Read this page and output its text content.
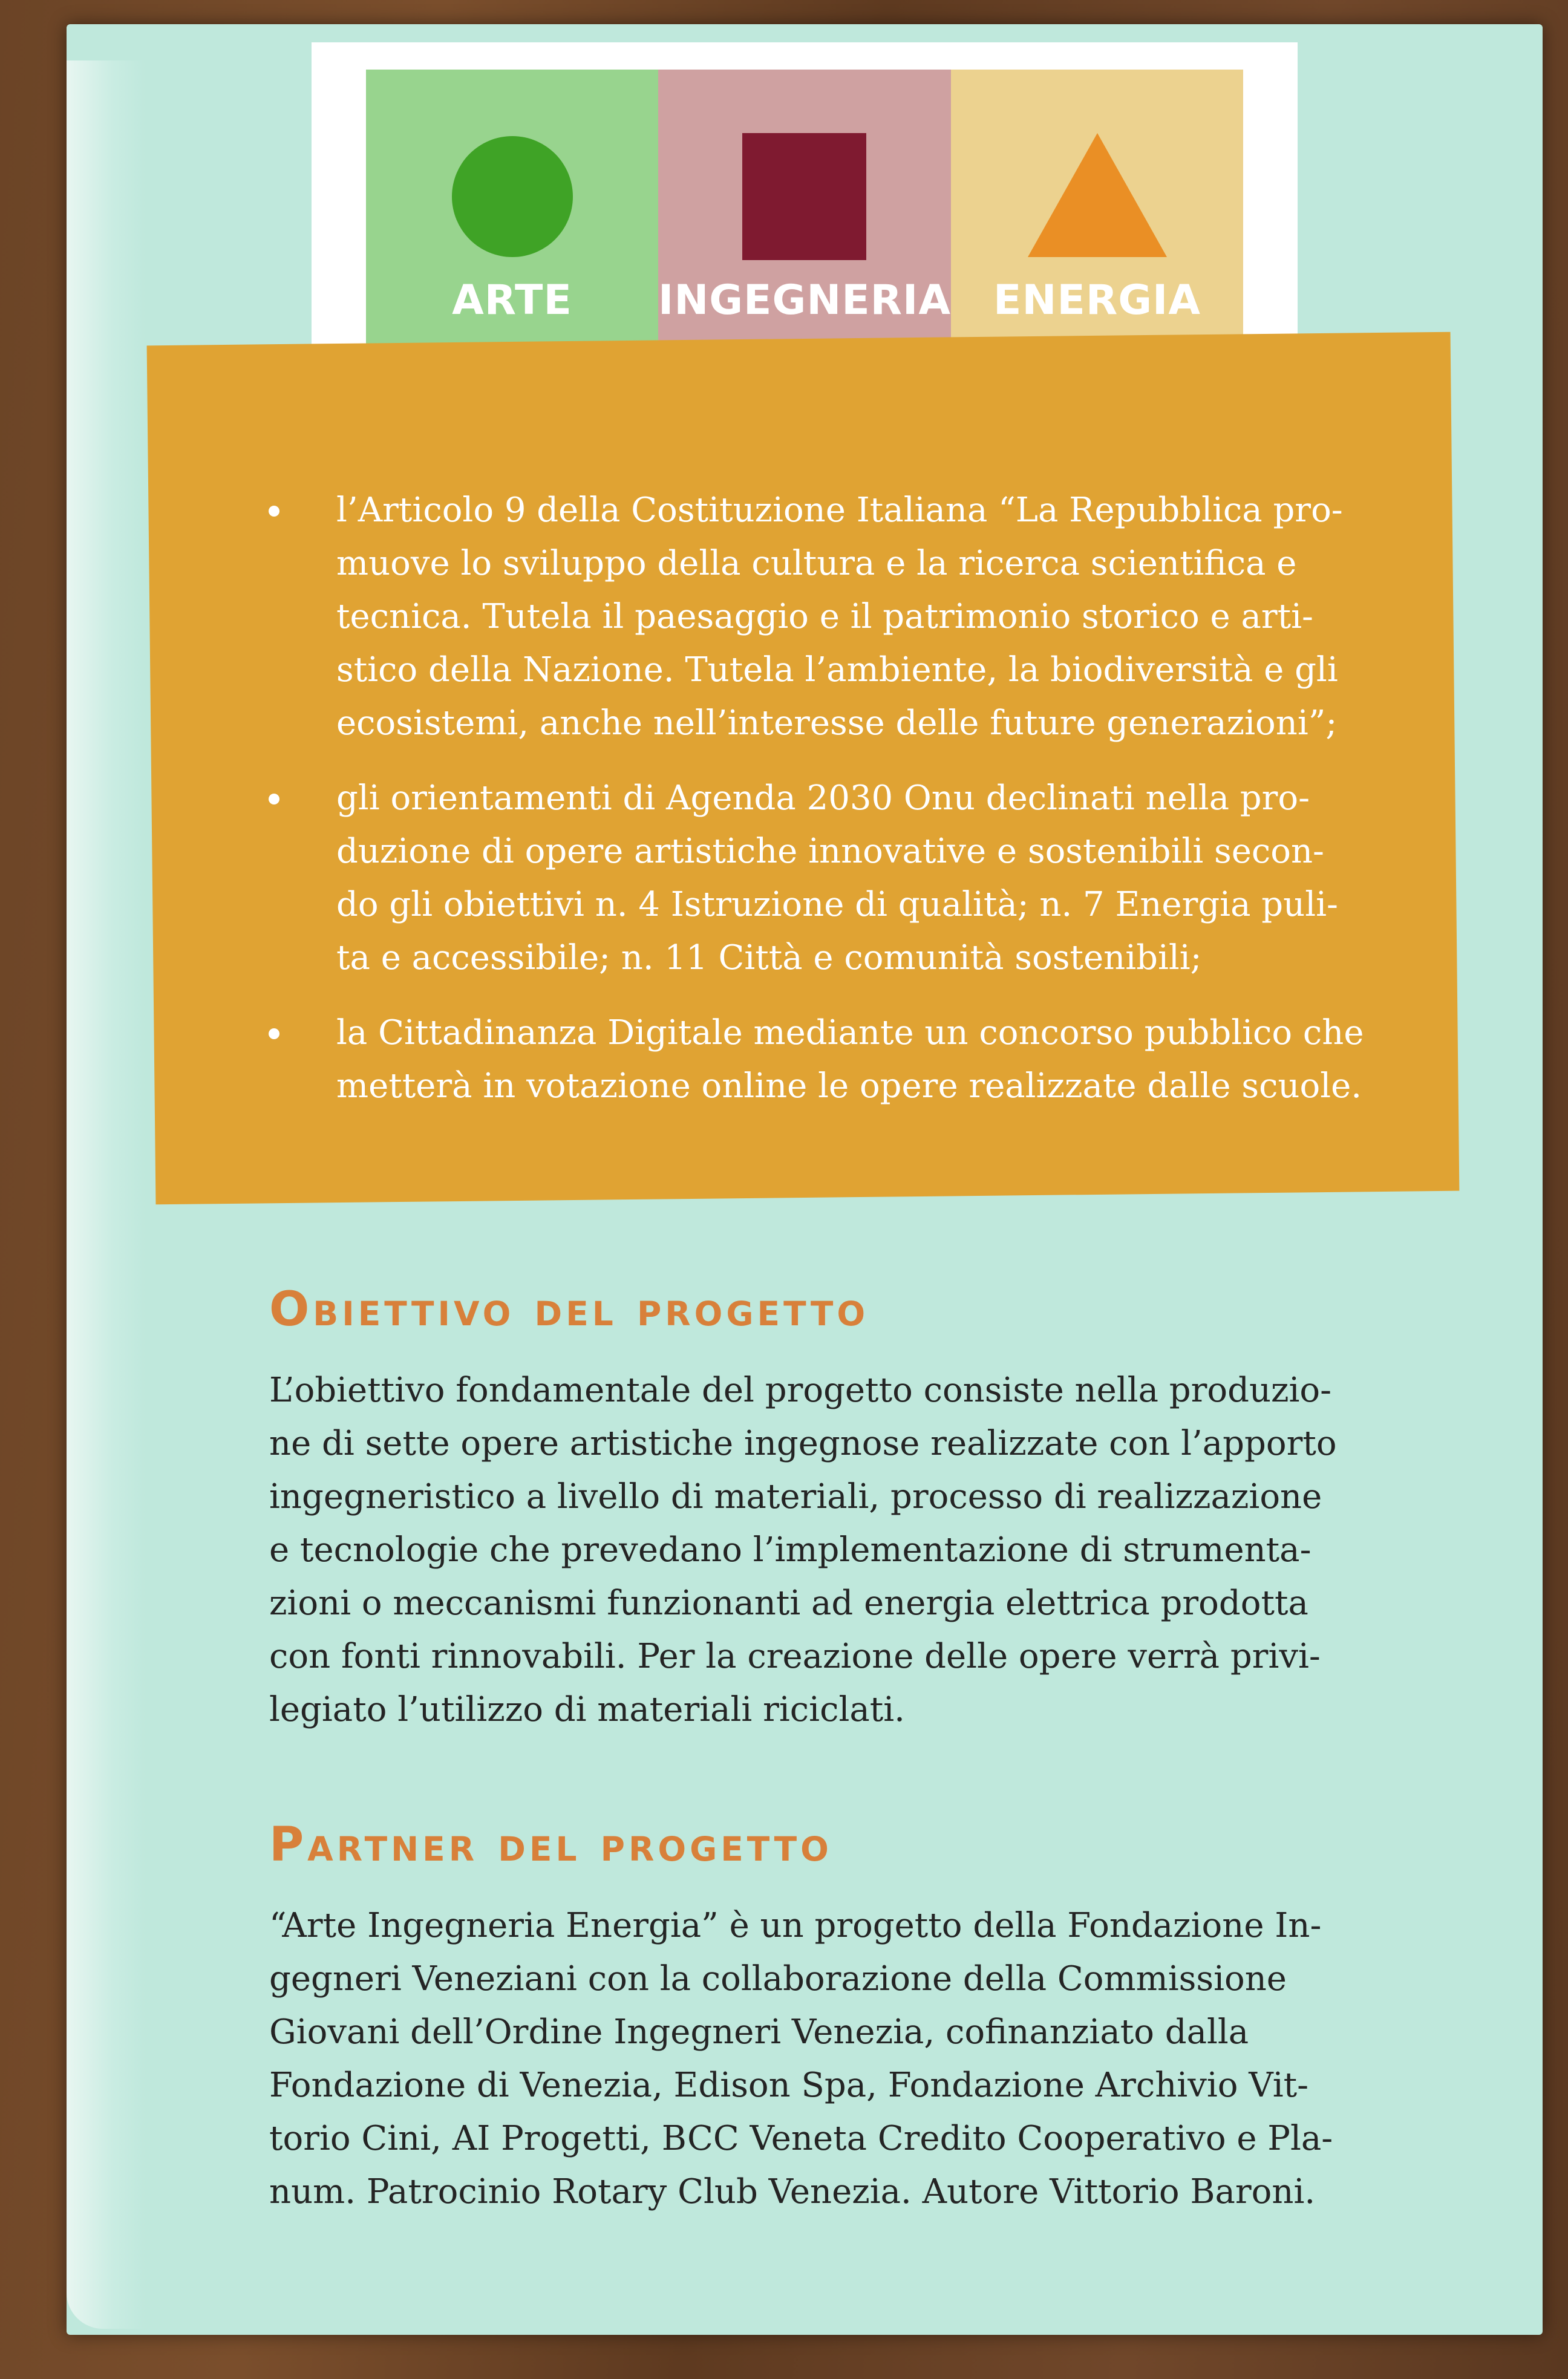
ARTE INGEGNERIA ENERGIA
l’Articolo 9 della Costituzione Italiana “La Repubblica pro-
muove lo sviluppo della cultura e la ricerca scientifica e
tecnica. Tutela il paesaggio e il patrimonio storico e arti-
stico della Nazione. Tutela l’ambiente, la biodiversità e gli
ecosistemi, anche nell’interesse delle future generazioni”;
gli orientamenti di Agenda 2030 Onu declinati nella pro-
duzione di opere artistiche innovative e sostenibili secon-
do gli obiettivi n. 4 Istruzione di qualità; n. 7 Energia puli-
ta e accessibile; n. 11 Città e comunità sostenibili;
la Cittadinanza Digitale mediante un concorso pubblico che
metterà in votazione online le opere realizzate dalle scuole.
Obiettivo del progetto

L’obiettivo fondamentale del progetto consiste nella produzio-
ne di sette opere artistiche ingegnose realizzate con l’apporto
ingegneristico a livello di materiali, processo di realizzazione
e tecnologie che prevedano l’implementazione di strumenta-
zioni o meccanismi funzionanti ad energia elettrica prodotta
con fonti rinnovabili. Per la creazione delle opere verrà privi-
legiato l’utilizzo di materiali riciclati.

Partner del progetto

“Arte Ingegneria Energia” è un progetto della Fondazione In-
gegneri Veneziani con la collaborazione della Commissione
Giovani dell’Ordine Ingegneri Venezia, cofinanziato dalla
Fondazione di Venezia, Edison Spa, Fondazione Archivio Vit-
torio Cini, AI Progetti, BCC Veneta Credito Cooperativo e Pla-
num. Patrocinio Rotary Club Venezia. Autore Vittorio Baroni.
